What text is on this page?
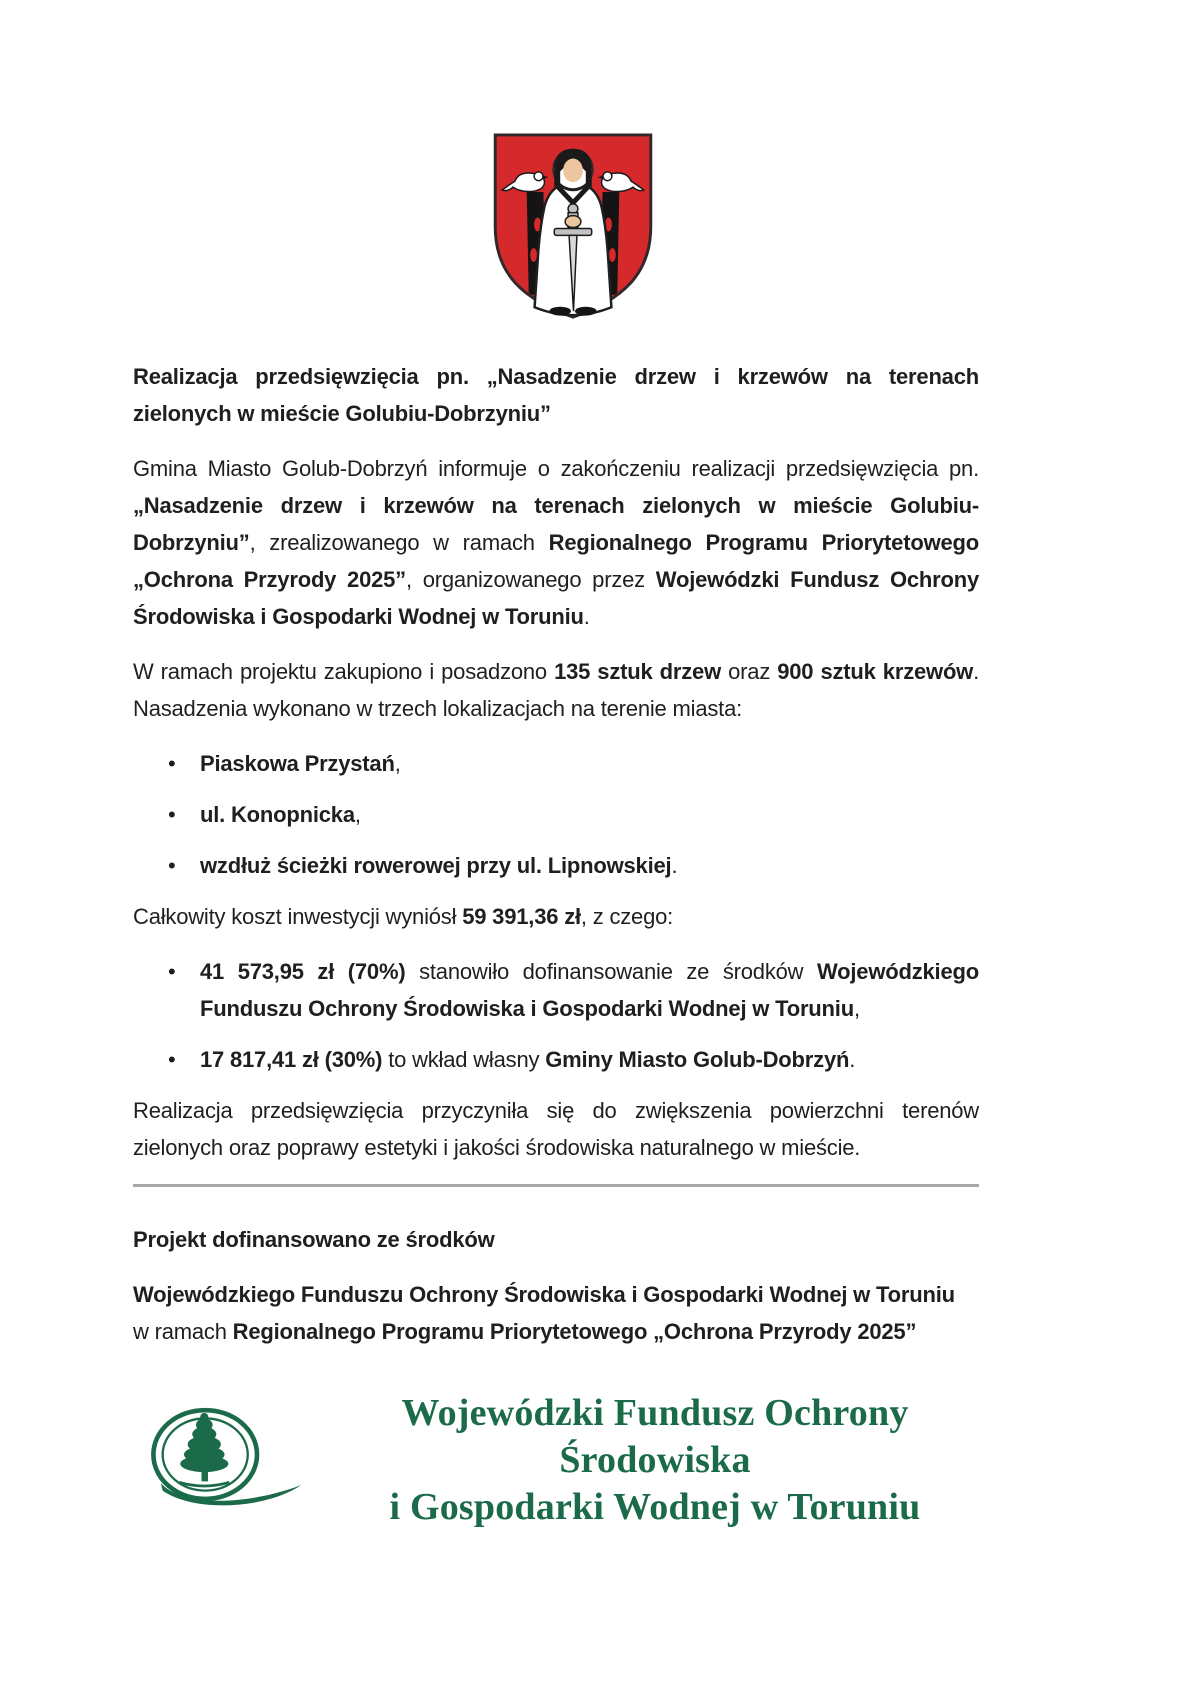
Realizacja przedsięwzięcia pn. „Nasadzenie drzew i krzewów na terenach zielonych w mieście Golubiu-Dobrzyniu”

Gmina Miasto Golub-Dobrzyń informuje o zakończeniu realizacji przedsięwzięcia pn. „Nasadzenie drzew i krzewów na terenach zielonych w mieście Golubiu-Dobrzyniu”, zrealizowanego w ramach Regionalnego Programu Priorytetowego „Ochrona Przyrody 2025”, organizowanego przez Wojewódzki Fundusz Ochrony Środowiska i Gospodarki Wodnej w Toruniu.

W ramach projektu zakupiono i posadzono 135 sztuk drzew oraz 900 sztuk krzewów. Nasadzenia wykonano w trzech lokalizacjach na terenie miasta:

•	Piaskowa Przystań,
•	ul. Konopnicka,
•	wzdłuż ścieżki rowerowej przy ul. Lipnowskiej.

Całkowity koszt inwestycji wyniósł 59 391,36 zł, z czego:

•	41 573,95 zł (70%) stanowiło dofinansowanie ze środków Wojewódzkiego Funduszu Ochrony Środowiska i Gospodarki Wodnej w Toruniu,
•	17 817,41 zł (30%) to wkład własny Gminy Miasto Golub-Dobrzyń.

Realizacja przedsięwzięcia przyczyniła się do zwiększenia powierzchni terenów zielonych oraz poprawy estetyki i jakości środowiska naturalnego w mieście.

Projekt dofinansowano ze środków

Wojewódzkiego Funduszu Ochrony Środowiska i Gospodarki Wodnej w Toruniu
w ramach Regionalnego Programu Priorytetowego „Ochrona Przyrody 2025”

Wojewódzki Fundusz Ochrony Środowiska
i Gospodarki Wodnej w Toruniu
